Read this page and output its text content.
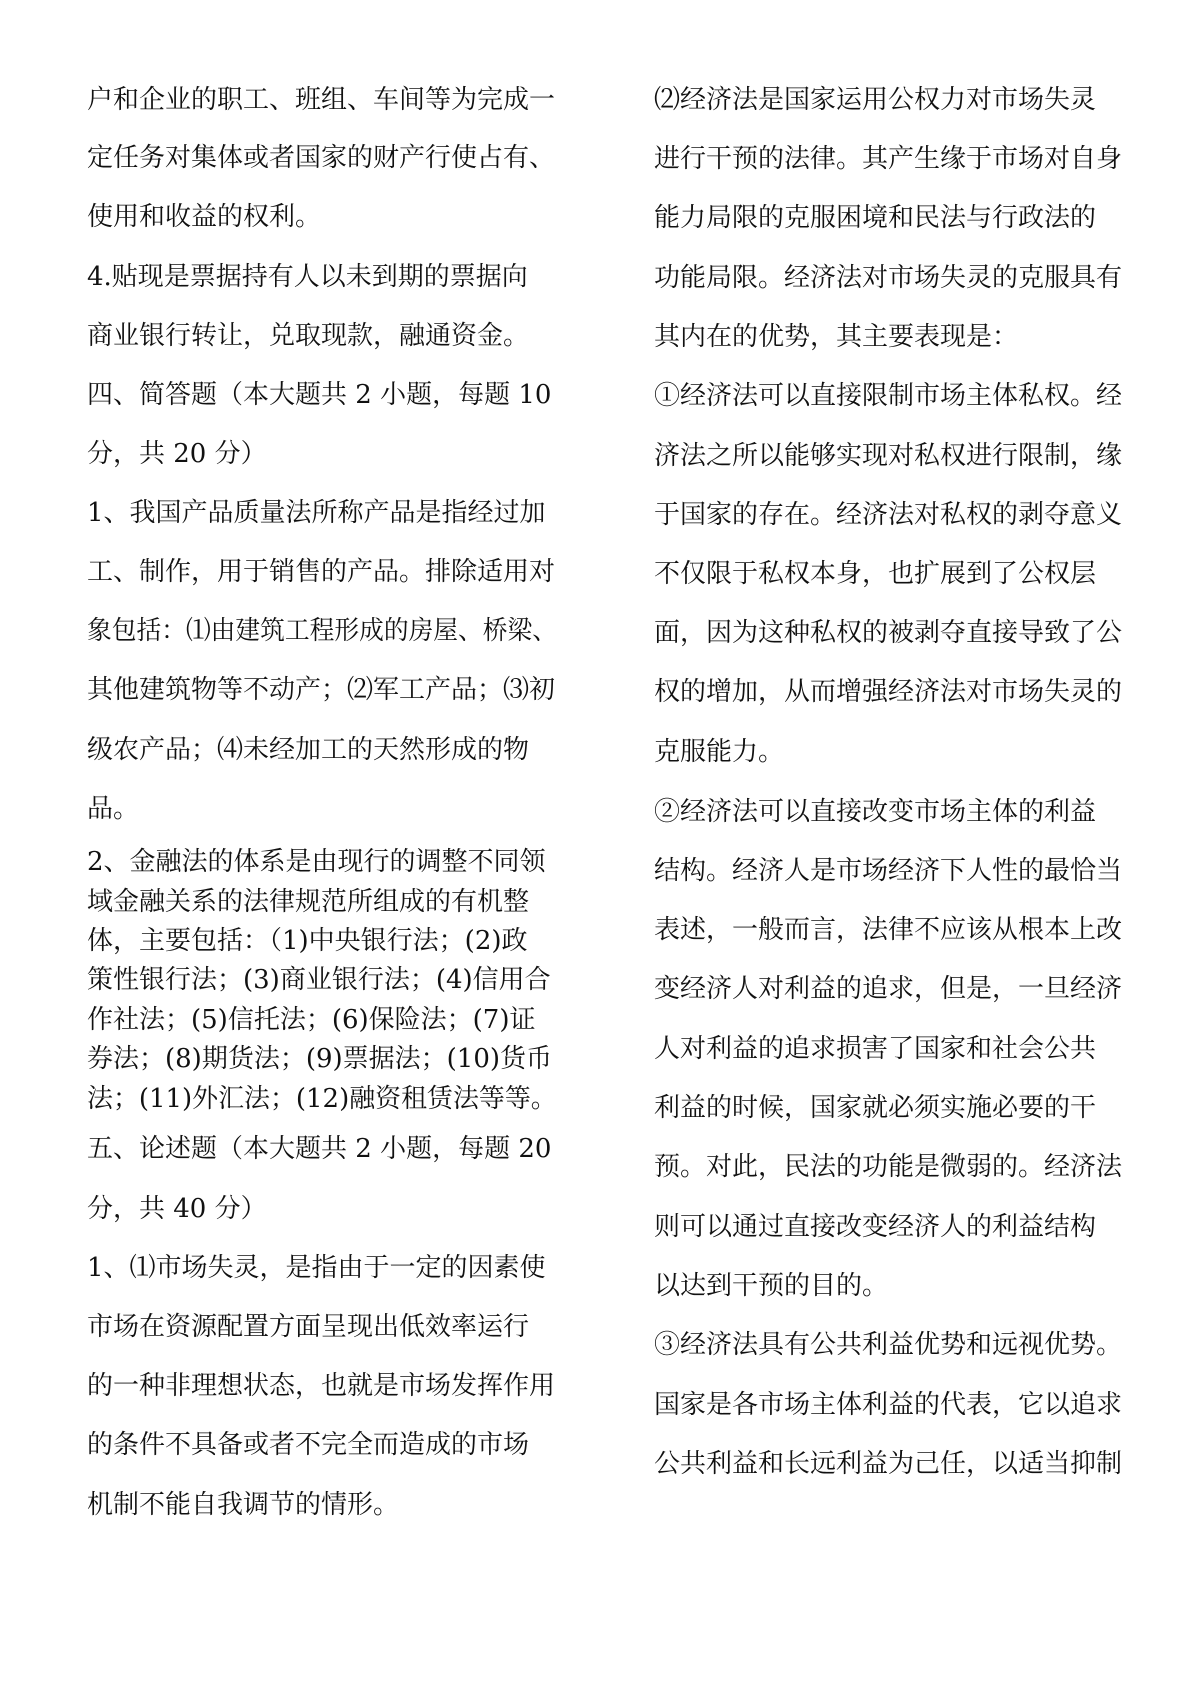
户和企业的职工、班组、车间等为完成一
定任务对集体或者国家的财产行使占有、
使用和收益的权利。
4.贴现是票据持有人以未到期的票据向
商业银行转让，兑取现款，融通资金。
四、简答题（本大题共 2 小题，每题 10
分，共 20 分）
1、我国产品质量法所称产品是指经过加
工、制作，用于销售的产品。排除适用对
象包括：⑴由建筑工程形成的房屋、桥梁、
其他建筑物等不动产；⑵军工产品；⑶初
级农产品；⑷未经加工的天然形成的物
品。
2、金融法的体系是由现行的调整不同领
域金融关系的法律规范所组成的有机整
体，主要包括：（1)中央银行法；(2)政
策性银行法；(3)商业银行法；(4)信用合
作社法；(5)信托法；(6)保险法；(7)证
券法；(8)期货法；(9)票据法；(10)货币
法；(11)外汇法；(12)融资租赁法等等。
五、论述题（本大题共 2 小题，每题 20
分，共 40 分）
1、⑴市场失灵，是指由于一定的因素使
市场在资源配置方面呈现出低效率运行
的一种非理想状态，也就是市场发挥作用
的条件不具备或者不完全而造成的市场
机制不能自我调节的情形。
⑵经济法是国家运用公权力对市场失灵
进行干预的法律。其产生缘于市场对自身
能力局限的克服困境和民法与行政法的
功能局限。经济法对市场失灵的克服具有
其内在的优势，其主要表现是：
①经济法可以直接限制市场主体私权。经
济法之所以能够实现对私权进行限制，缘
于国家的存在。经济法对私权的剥夺意义
不仅限于私权本身，也扩展到了公权层
面，因为这种私权的被剥夺直接导致了公
权的增加，从而增强经济法对市场失灵的
克服能力。
②经济法可以直接改变市场主体的利益
结构。经济人是市场经济下人性的最恰当
表述，一般而言，法律不应该从根本上改
变经济人对利益的追求，但是，一旦经济
人对利益的追求损害了国家和社会公共
利益的时候，国家就必须实施必要的干
预。对此，民法的功能是微弱的。经济法
则可以通过直接改变经济人的利益结构
以达到干预的目的。
③经济法具有公共利益优势和远视优势。
国家是各市场主体利益的代表，它以追求
公共利益和长远利益为己任，以适当抑制
